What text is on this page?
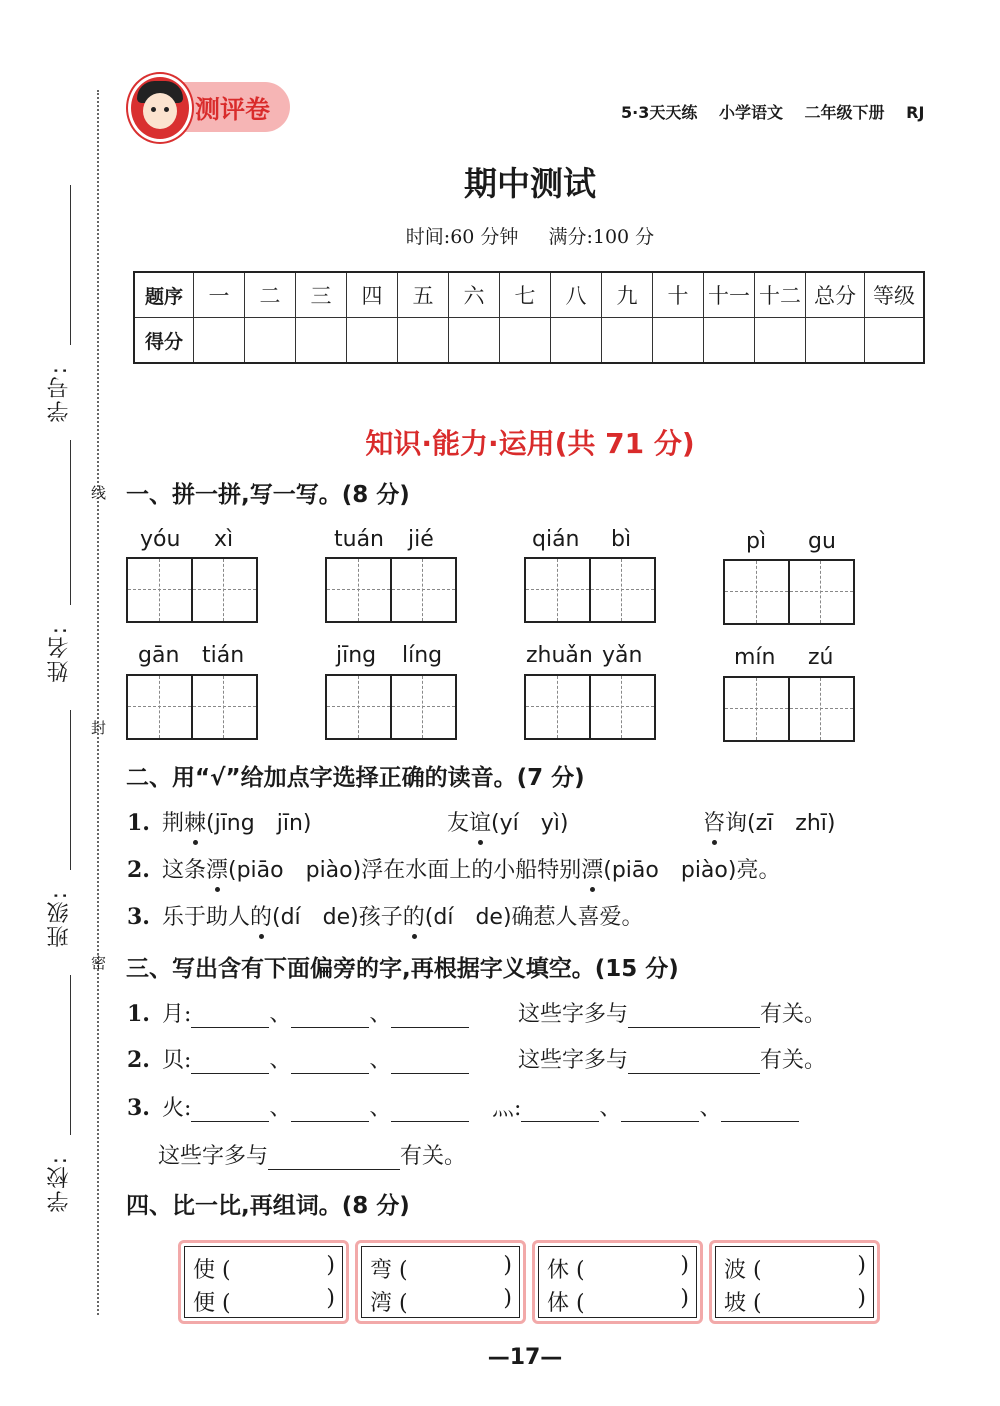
学号:
姓名:
班级:
学校:
线
封
密
测评卷	5·3天天练 小学语文 二年级下册 RJ
期中测试
时间:60 分钟 满分:100 分
题序	一	二	三	四	五	六	七	八	九	十	十一	十二	总分	等级
得分														
知识·能力·运用(共 71 分)
一、拼一拼,写一写。(8 分)
yóu xì	tuán jié	qián bì	pì gu
gān tián	jīng líng	zhuǎn yǎn	mín zú
二、用“√”给加点字选择正确的读音。(7 分)
1. 荆棘(jīng　jīn)	友谊(yí　yì)	咨询(zī　zhī)
2. 这条漂(piāo　piào)浮在水面上的小船特别漂(piāo　piào)亮。
3. 乐于助人的(dí　de)孩子的(dí　de)确惹人喜爱。
三、写出含有下面偏旁的字,再根据字义填空。(15 分)
1. 月:	、	、	这些字多与	有关。
2. 贝:	、	、	这些字多与	有关。
3. 火:	、	、	灬:	、	、
这些字多与	有关。
四、比一比,再组词。(8 分)
使 (	)
便 (	)
弯 (	)
湾 (	)
休 (	)
体 (	)
波 (	)
坡 (	)
—17—
